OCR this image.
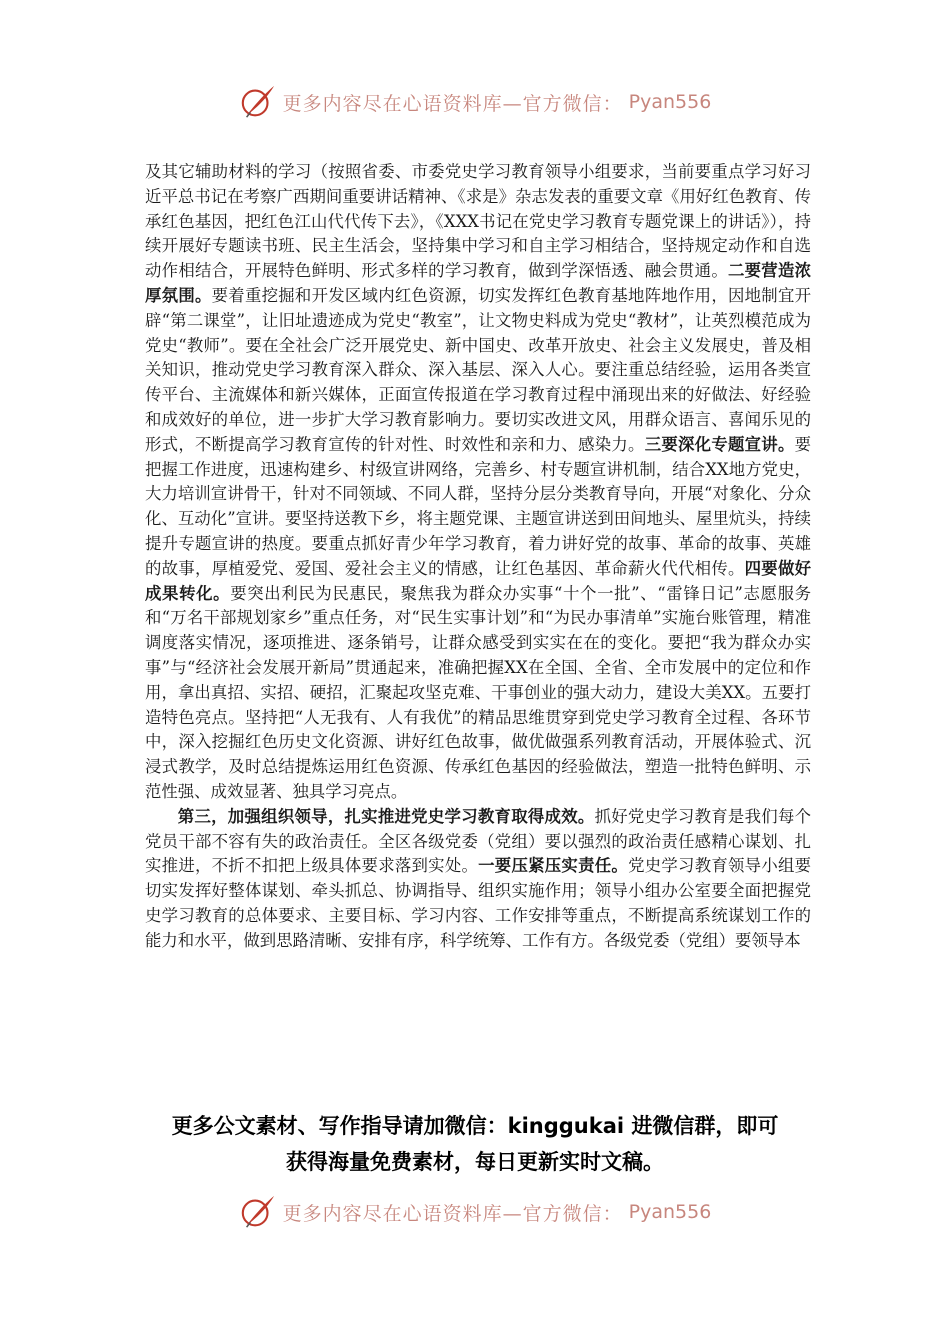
更多内容尽在心语资料库—官方微信： Pyan556

及其它辅助材料的学习（按照省委、市委党史学习教育领导小组要求，当前要重点学习好习近平总书记在考察广西期间重要讲话精神、《求是》杂志发表的重要文章《用好红色教育、传承红色基因，把红色江山代代传下去》，《XXX书记在党史学习教育专题党课上的讲话》），持续开展好专题读书班、民主生活会，坚持集中学习和自主学习相结合，坚持规定动作和自选动作相结合，开展特色鲜明、形式多样的学习教育，做到学深悟透、融会贯通。二要营造浓厚氛围。要着重挖掘和开发区域内红色资源，切实发挥红色教育基地阵地作用，因地制宜开辟“第二课堂”，让旧址遗迹成为党史“教室”，让文物史料成为党史“教材”，让英烈模范成为党史“教师”。要在全社会广泛开展党史、新中国史、改革开放史、社会主义发展史，普及相关知识，推动党史学习教育深入群众、深入基层、深入人心。要注重总结经验，运用各类宣传平台、主流媒体和新兴媒体，正面宣传报道在学习教育过程中涌现出来的好做法、好经验和成效好的单位，进一步扩大学习教育影响力。要切实改进文风，用群众语言、喜闻乐见的形式，不断提高学习教育宣传的针对性、时效性和亲和力、感染力。三要深化专题宣讲。要把握工作进度，迅速构建乡、村级宣讲网络，完善乡、村专题宣讲机制，结合XX地方党史，大力培训宣讲骨干，针对不同领域、不同人群，坚持分层分类教育导向，开展“对象化、分众化、互动化”宣讲。要坚持送教下乡，将主题党课、主题宣讲送到田间地头、屋里炕头，持续提升专题宣讲的热度。要重点抓好青少年学习教育，着力讲好党的故事、革命的故事、英雄的故事，厚植爱党、爱国、爱社会主义的情感，让红色基因、革命薪火代代相传。四要做好成果转化。要突出利民为民惠民，聚焦我为群众办实事“十个一批”、“雷锋日记”志愿服务和“万名干部规划家乡”重点任务，对“民生实事计划”和“为民办事清单”实施台账管理，精准调度落实情况，逐项推进、逐条销号，让群众感受到实实在在的变化。要把“我为群众办实事”与“经济社会发展开新局”贯通起来，准确把握XX在全国、全省、全市发展中的定位和作用，拿出真招、实招、硬招，汇聚起攻坚克难、干事创业的强大动力，建设大美XX。五要打造特色亮点。坚持把“人无我有、人有我优”的精品思维贯穿到党史学习教育全过程、各环节中，深入挖掘红色历史文化资源、讲好红色故事，做优做强系列教育活动，开展体验式、沉浸式教学，及时总结提炼运用红色资源、传承红色基因的经验做法，塑造一批特色鲜明、示范性强、成效显著、独具学习亮点。

第三，加强组织领导，扎实推进党史学习教育取得成效。抓好党史学习教育是我们每个党员干部不容有失的政治责任。全区各级党委（党组）要以强烈的政治责任感精心谋划、扎实推进，不折不扣把上级具体要求落到实处。一要压紧压实责任。党史学习教育领导小组要切实发挥好整体谋划、牵头抓总、协调指导、组织实施作用；领导小组办公室要全面把握党史学习教育的总体要求、主要目标、学习内容、工作安排等重点，不断提高系统谋划工作的能力和水平，做到思路清晰、安排有序，科学统筹、工作有方。各级党委（党组）要领导本

更多公文素材、写作指导请加微信：kinggukai 进微信群，即可
获得海量免费素材，每日更新实时文稿。
更多内容尽在心语资料库—官方微信： Pyan556
